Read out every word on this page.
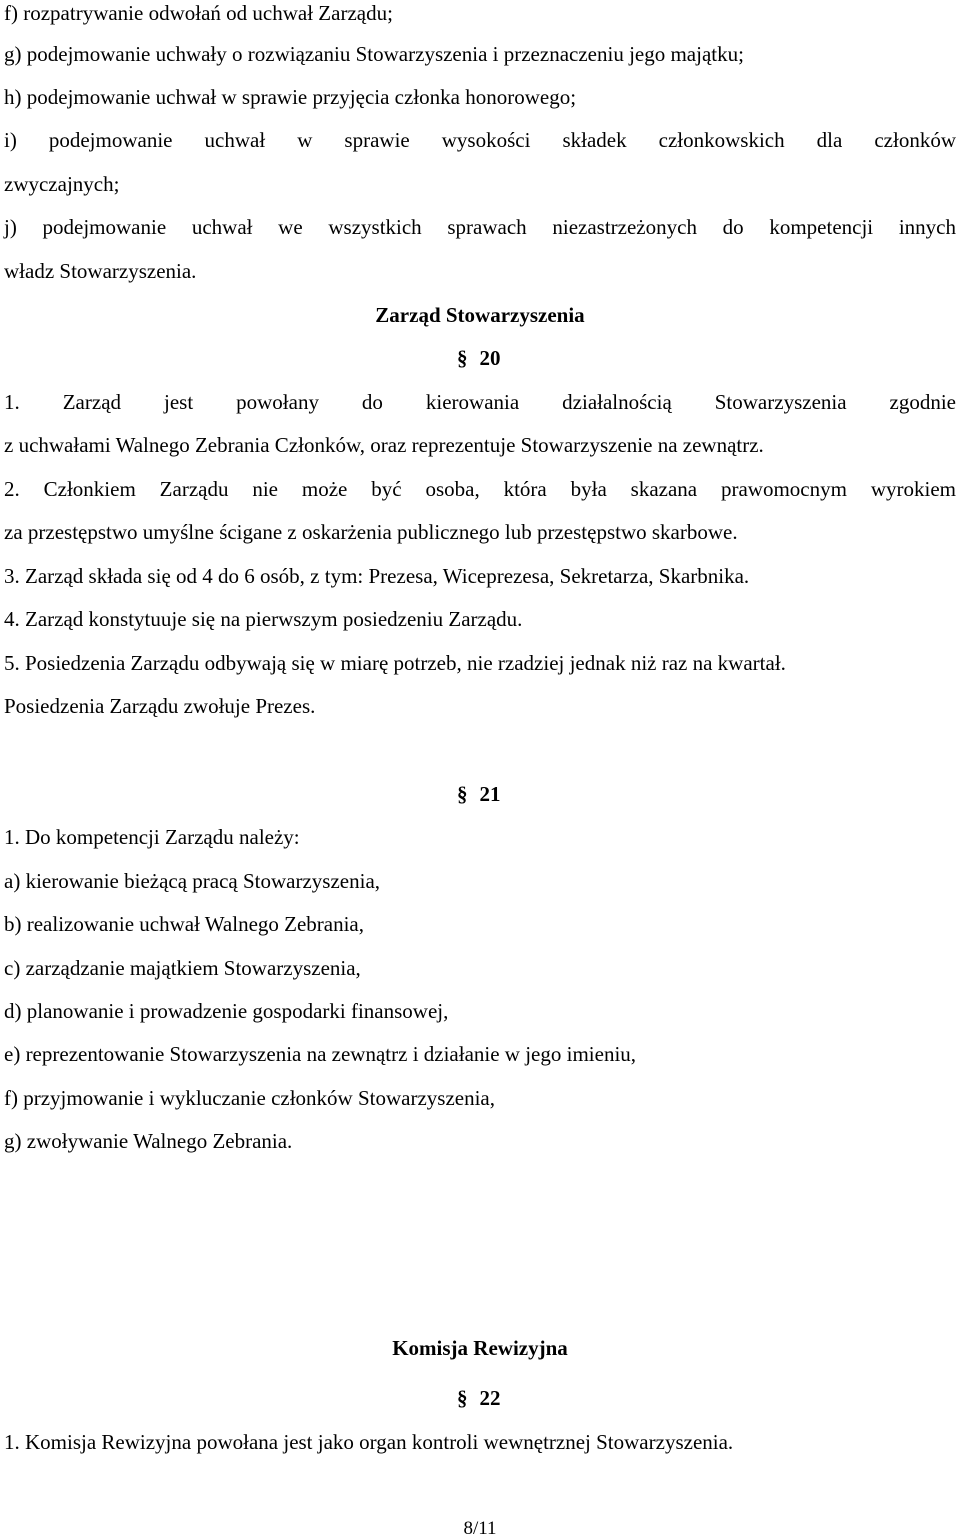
f) rozpatrywanie odwołań od uchwał Zarządu;

g) podejmowanie uchwały o rozwiązaniu Stowarzyszenia i przeznaczeniu jego majątku;

h) podejmowanie uchwał w sprawie przyjęcia członka honorowego;

i) podejmowanie uchwał w sprawie wysokości składek członkowskich dla członków

zwyczajnych;

j) podejmowanie uchwał we wszystkich sprawach niezastrzeżonych do kompetencji innych

władz Stowarzyszenia.

Zarząd Stowarzyszenia

§ 20

1. Zarząd jest powołany do kierowania działalnością Stowarzyszenia zgodnie

z uchwałami Walnego Zebrania Członków, oraz reprezentuje Stowarzyszenie na zewnątrz.

2. Członkiem Zarządu nie może być osoba, która była skazana prawomocnym wyrokiem

za przestępstwo umyślne ścigane z oskarżenia publicznego lub przestępstwo skarbowe.

3. Zarząd składa się od 4 do 6 osób, z tym: Prezesa, Wiceprezesa, Sekretarza, Skarbnika.

4. Zarząd konstytuuje się na pierwszym posiedzeniu Zarządu.

5. Posiedzenia Zarządu odbywają się w miarę potrzeb, nie rzadziej jednak niż raz na kwartał.

Posiedzenia Zarządu zwołuje Prezes.

§ 21

1. Do kompetencji Zarządu należy:

a) kierowanie bieżącą pracą Stowarzyszenia,

b) realizowanie uchwał Walnego Zebrania,

c) zarządzanie majątkiem Stowarzyszenia,

d) planowanie i prowadzenie gospodarki finansowej,

e) reprezentowanie Stowarzyszenia na zewnątrz i działanie w jego imieniu,

f) przyjmowanie i wykluczanie członków Stowarzyszenia,

g) zwoływanie Walnego Zebrania.

Komisja Rewizyjna

§ 22

1. Komisja Rewizyjna powołana jest jako organ kontroli wewnętrznej Stowarzyszenia.

8/11
